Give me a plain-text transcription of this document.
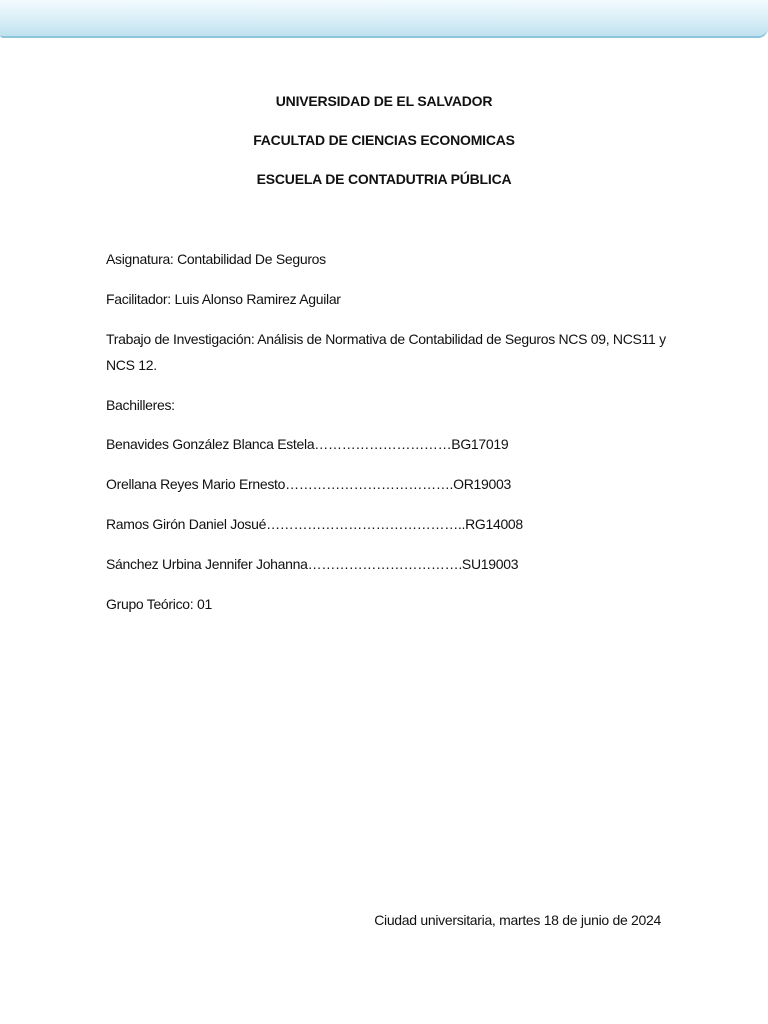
UNIVERSIDAD DE EL SALVADOR
FACULTAD DE CIENCIAS ECONOMICAS
ESCUELA DE CONTADUTRIA PÚBLICA
Asignatura: Contabilidad De Seguros
Facilitador: Luis Alonso Ramirez Aguilar
Trabajo de Investigación: Análisis de Normativa de Contabilidad de Seguros NCS 09, NCS11 y NCS 12.
Bachilleres:
Benavides González Blanca Estela…………………………BG17019
Orellana Reyes Mario Ernesto……………………………….OR19003
Ramos Girón Daniel Josué……………………………………..RG14008
Sánchez Urbina Jennifer Johanna…………………………….SU19003
Grupo Teórico: 01
Ciudad universitaria, martes 18 de junio de 2024
